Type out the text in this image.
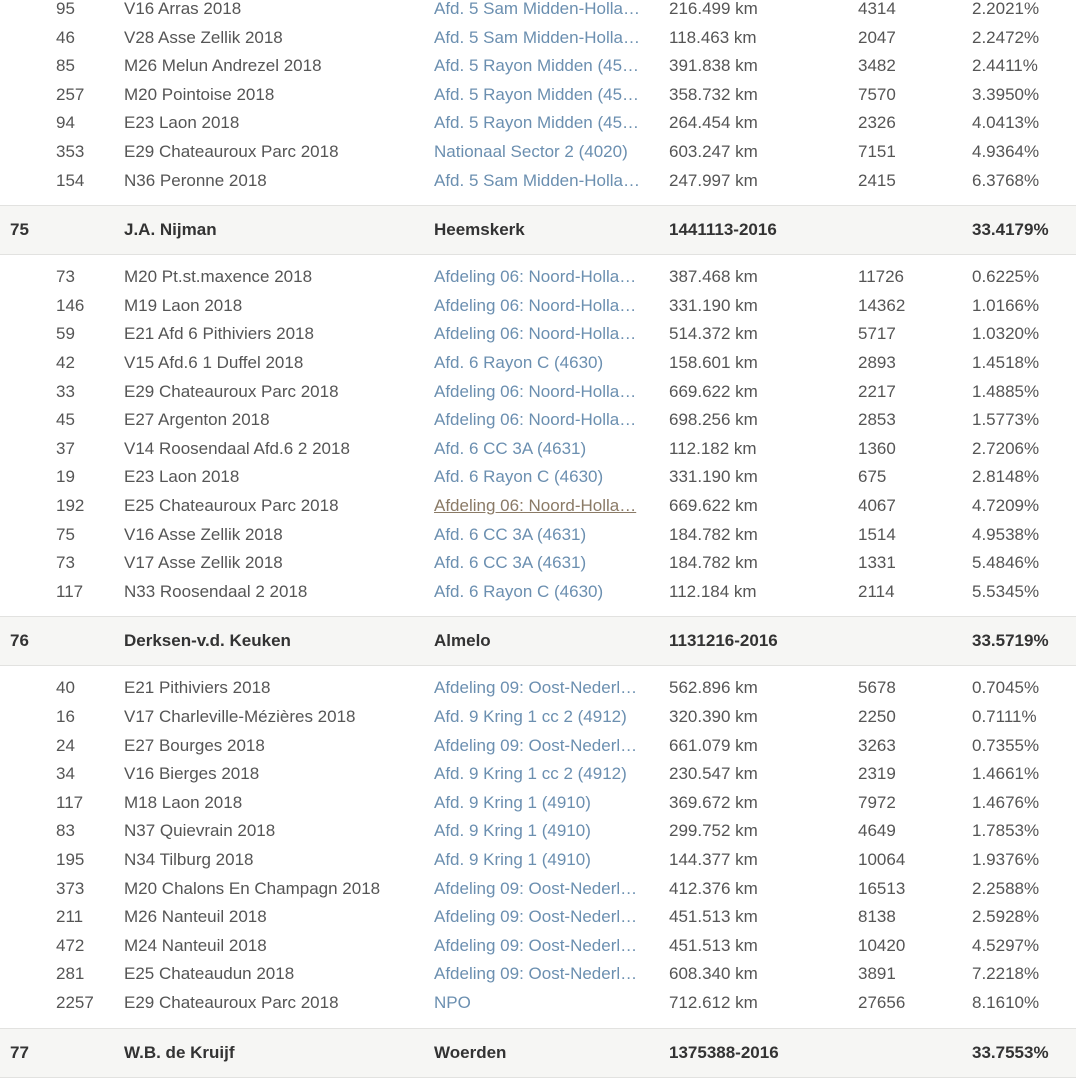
95	V16 Arras 2018	Afd. 5 Sam Midden-Holla… 216.499 km	4314	2.2021%
46	V28 Asse Zellik 2018	Afd. 5 Sam Midden-Holla… 118.463 km	2047	2.2472%
85	M26 Melun Andrezel 2018	Afd. 5 Rayon Midden (45… 391.838 km	3482	2.4411%
257 M20 Pointoise 2018	Afd. 5 Rayon Midden (45… 358.732 km	7570	3.3950%
94	E23 Laon 2018	Afd. 5 Rayon Midden (45… 264.454 km	2326	4.0413%
353 E29 Chateauroux Parc 2018	Nationaal Sector 2 (4020) 603.247 km	7151	4.9364%
154 N36 Peronne 2018	Afd. 5 Sam Midden-Holla… 247.997 km	2415	6.3768%
75	J.A. Nijman	Heemskerk	1441113-2016	33.4179%
73	M20 Pt.st.maxence 2018	Afdeling 06: Noord-Holla… 387.468 km	11726	0.6225%
146 M19 Laon 2018	Afdeling 06: Noord-Holla… 331.190 km	14362	1.0166%
59	E21 Afd 6 Pithiviers 2018	Afdeling 06: Noord-Holla… 514.372 km	5717	1.0320%
42	V15 Afd.6 1 Duffel 2018	Afd. 6 Rayon C (4630)	158.601 km	2893	1.4518%
33	E29 Chateauroux Parc 2018	Afdeling 06: Noord-Holla… 669.622 km	2217	1.4885%
45	E27 Argenton 2018	Afdeling 06: Noord-Holla… 698.256 km	2853	1.5773%
37	V14 Roosendaal Afd.6 2 2018	Afd. 6 CC 3A (4631)	112.182 km	1360	2.7206%
19	E23 Laon 2018	Afd. 6 Rayon C (4630)	331.190 km	675	2.8148%
192 E25 Chateauroux Parc 2018	Afdeling 06: Noord-Holla… 669.622 km	4067	4.7209%
75	V16 Asse Zellik 2018	Afd. 6 CC 3A (4631)	184.782 km	1514	4.9538%
73	V17 Asse Zellik 2018	Afd. 6 CC 3A (4631)	184.782 km	1331	5.4846%
117 N33 Roosendaal 2 2018	Afd. 6 Rayon C (4630)	112.184 km	2114	5.5345%
76	Derksen-v.d. Keuken	Almelo	1131216-2016	33.5719%
40	E21 Pithiviers 2018	Afdeling 09: Oost-Nederl… 562.896 km	5678	0.7045%
16	V17 Charleville-Mézières 2018	Afd. 9 Kring 1 cc 2 (4912) 320.390 km	2250	0.7111%
24	E27 Bourges 2018	Afdeling 09: Oost-Nederl… 661.079 km	3263	0.7355%
34	V16 Bierges 2018	Afd. 9 Kring 1 cc 2 (4912) 230.547 km	2319	1.4661%
117 M18 Laon 2018	Afd. 9 Kring 1 (4910)	369.672 km	7972	1.4676%
83	N37 Quievrain 2018	Afd. 9 Kring 1 (4910)	299.752 km	4649	1.7853%
195 N34 Tilburg 2018	Afd. 9 Kring 1 (4910)	144.377 km	10064	1.9376%
373 M20 Chalons En Champagn 2018	Afdeling 09: Oost-Nederl… 412.376 km	16513	2.2588%
211 M26 Nanteuil 2018	Afdeling 09: Oost-Nederl… 451.513 km	8138	2.5928%
472 M24 Nanteuil 2018	Afdeling 09: Oost-Nederl… 451.513 km	10420	4.5297%
281 E25 Chateaudun 2018	Afdeling 09: Oost-Nederl… 608.340 km	3891	7.2218%
2257 E29 Chateauroux Parc 2018	NPO	712.612 km	27656	8.1610%
77	W.B. de Kruijf	Woerden	1375388-2016	33.7553%
